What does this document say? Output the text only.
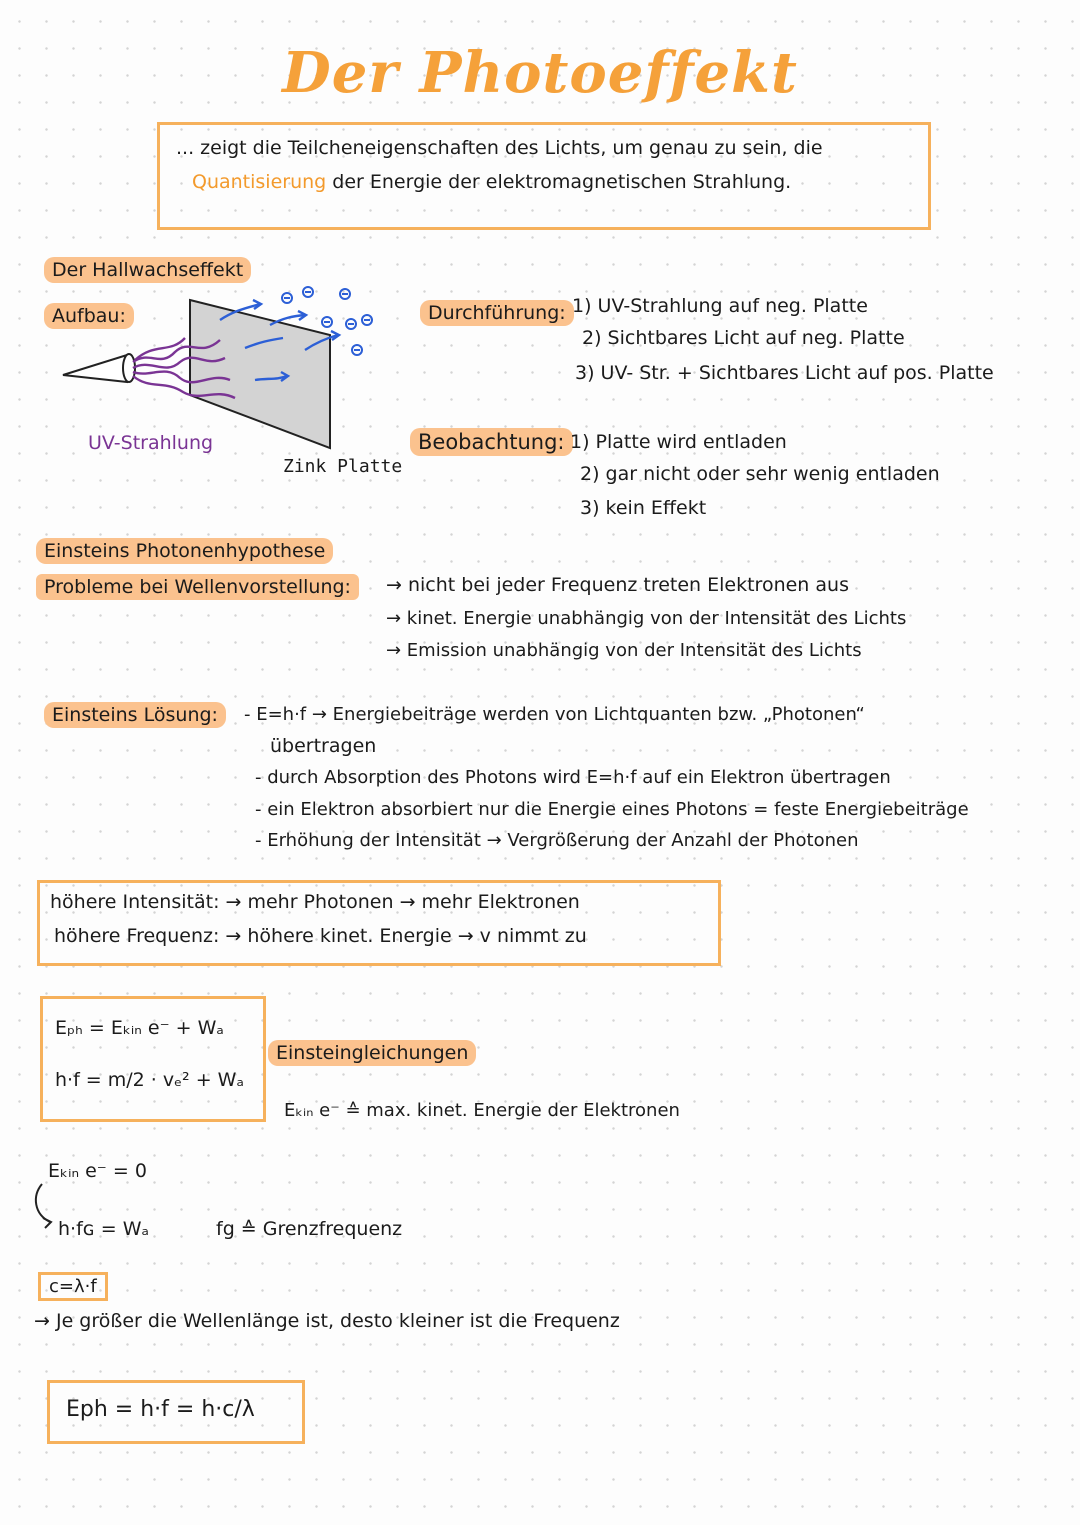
Der Photoeffekt
... zeigt die Teilcheneigenschaften des Lichts, um genau zu sein, die
Quantisierung der Energie der elektromagnetischen Strahlung.
Der Hallwachseffekt
Aufbau:
UV-Strahlung
Zink Platte
Durchführung: 1) UV-Strahlung auf neg. Platte
2) Sichtbares Licht auf neg. Platte
3) UV- Str. + Sichtbares Licht auf pos. Platte
Beobachtung: 1) Platte wird entladen
2) gar nicht oder sehr wenig entladen
3) kein Effekt
Einsteins Photonenhypothese
Probleme bei Wellenvorstellung:	→ nicht bei jeder Frequenz treten Elektronen aus
→ kinet. Energie unabhängig von der Intensität des Lichts
→ Emission unabhängig von der Intensität des Lichts
Einsteins Lösung:	- E=h·f → Energiebeiträge werden von Lichtquanten bzw. „Photonen“
übertragen
- durch Absorption des Photons wird E=h·f auf ein Elektron übertragen
- ein Elektron absorbiert nur die Energie eines Photons = feste Energiebeiträge
- Erhöhung der Intensität → Vergrößerung der Anzahl der Photonen
höhere Intensität: → mehr Photonen → mehr Elektronen
höhere Frequenz: → höhere kinet. Energie → v nimmt zu
Eₚₕ = Eₖᵢₙ e⁻ + Wₐ
h·f = m/2 · vₑ² + Wₐ
Einsteingleichungen
Eₖᵢₙ e⁻ ≙ max. kinet. Energie der Elektronen
Eₖᵢₙ e⁻ = 0
h·fɢ = Wₐ	fg ≙ Grenzfrequenz
c=λ·f
→ Je größer die Wellenlänge ist, desto kleiner ist die Frequenz
Eph = h·f = h·c/λ
